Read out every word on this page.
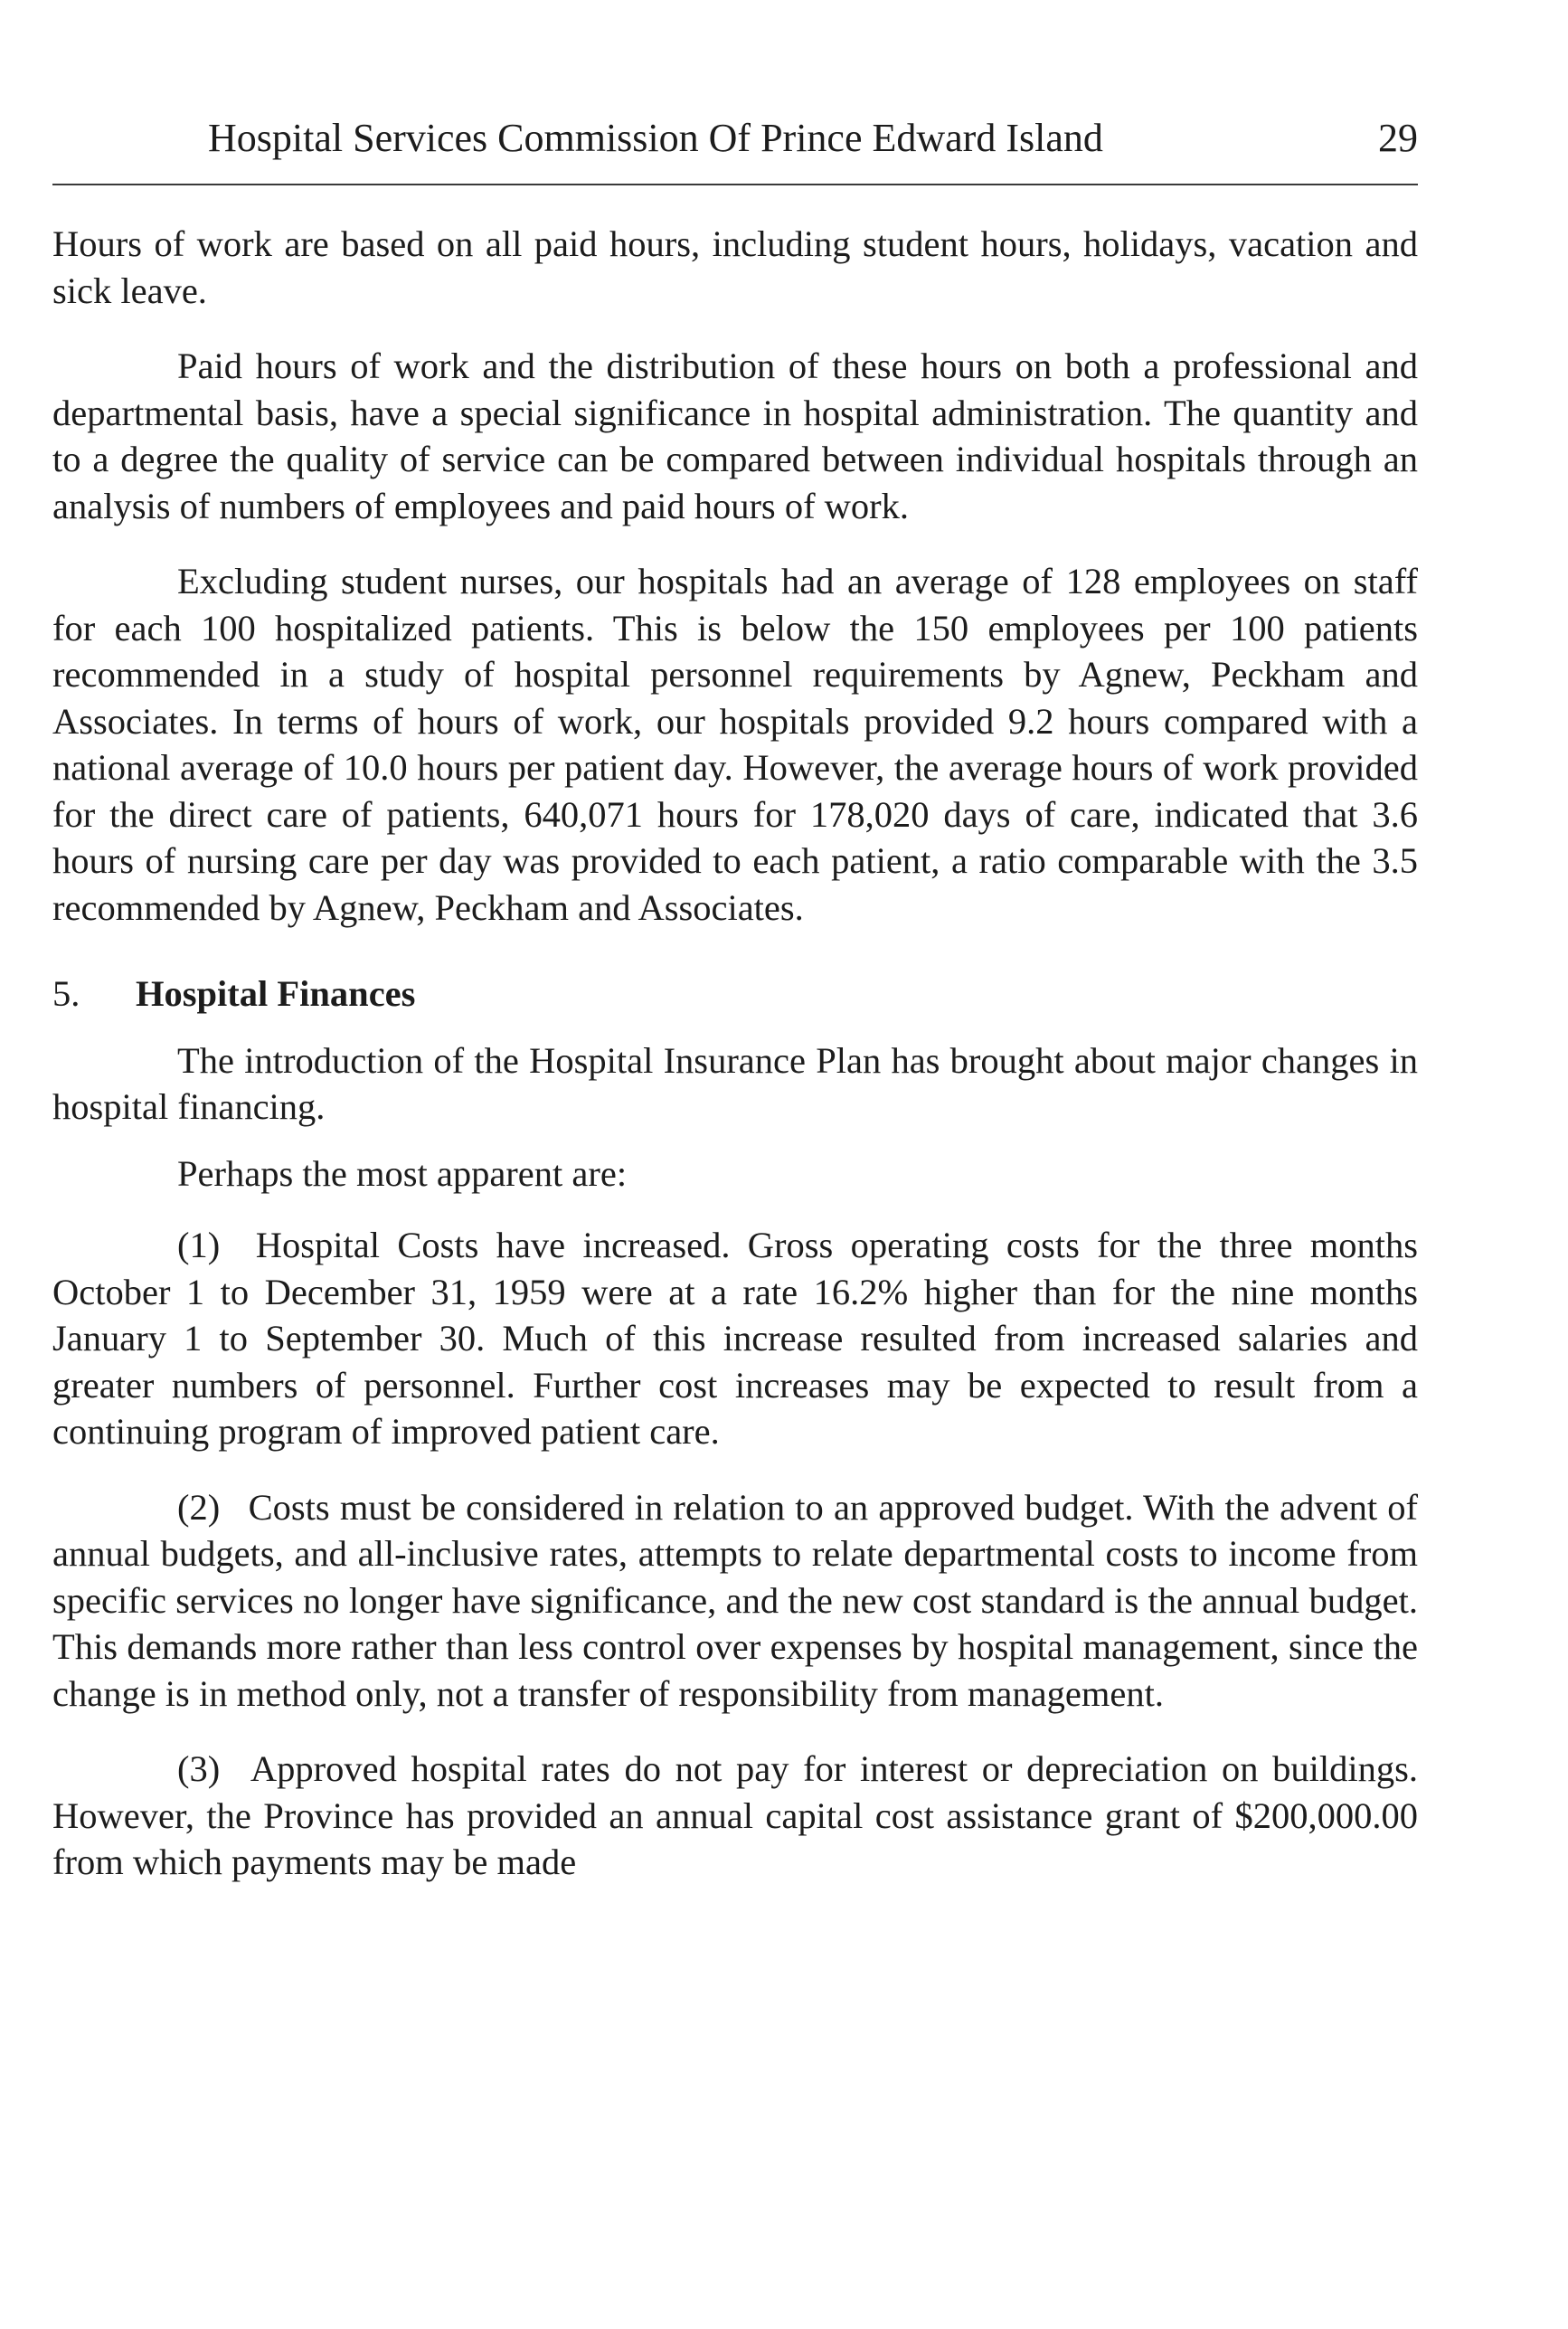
Hospital Services Commission Of Prince Edward Island	29

Hours of work are based on all paid hours, including student hours, holidays, vacation and sick leave.

Paid hours of work and the distribution of these hours on both a professional and departmental basis, have a special significance in hospital administration. The quantity and to a degree the quality of service can be compared between individual hospitals through an analysis of numbers of employees and paid hours of work.

Excluding student nurses, our hospitals had an average of 128 employees on staff for each 100 hospitalized patients. This is below the 150 employees per 100 patients recommended in a study of hospital personnel requirements by Agnew, Peckham and Associates. In terms of hours of work, our hospitals provided 9.2 hours compared with a national average of 10.0 hours per patient day. However, the average hours of work provided for the direct care of patients, 640,071 hours for 178,020 days of care, indicated that 3.6 hours of nursing care per day was provided to each patient, a ratio comparable with the 3.5 recommended by Agnew, Peckham and Associates.

5. Hospital Finances

The introduction of the Hospital Insurance Plan has brought about major changes in hospital financing.

Perhaps the most apparent are:

(1)  Hospital Costs have increased. Gross operating costs for the three months October 1 to December 31, 1959 were at a rate 16.2% higher than for the nine months January 1 to September 30. Much of this increase resulted from increased salaries and greater numbers of personnel. Further cost increases may be expected to result from a continuing program of improved patient care.

(2)  Costs must be considered in relation to an approved budget. With the advent of annual budgets, and all-inclusive rates, attempts to relate departmental costs to income from specific services no longer have significance, and the new cost standard is the annual budget. This demands more rather than less control over expenses by hospital management, since the change is in method only, not a transfer of responsibility from management.

(3)  Approved hospital rates do not pay for interest or depreciation on buildings. However, the Province has provided an annual capital cost assistance grant of $200,000.00 from which payments may be made
